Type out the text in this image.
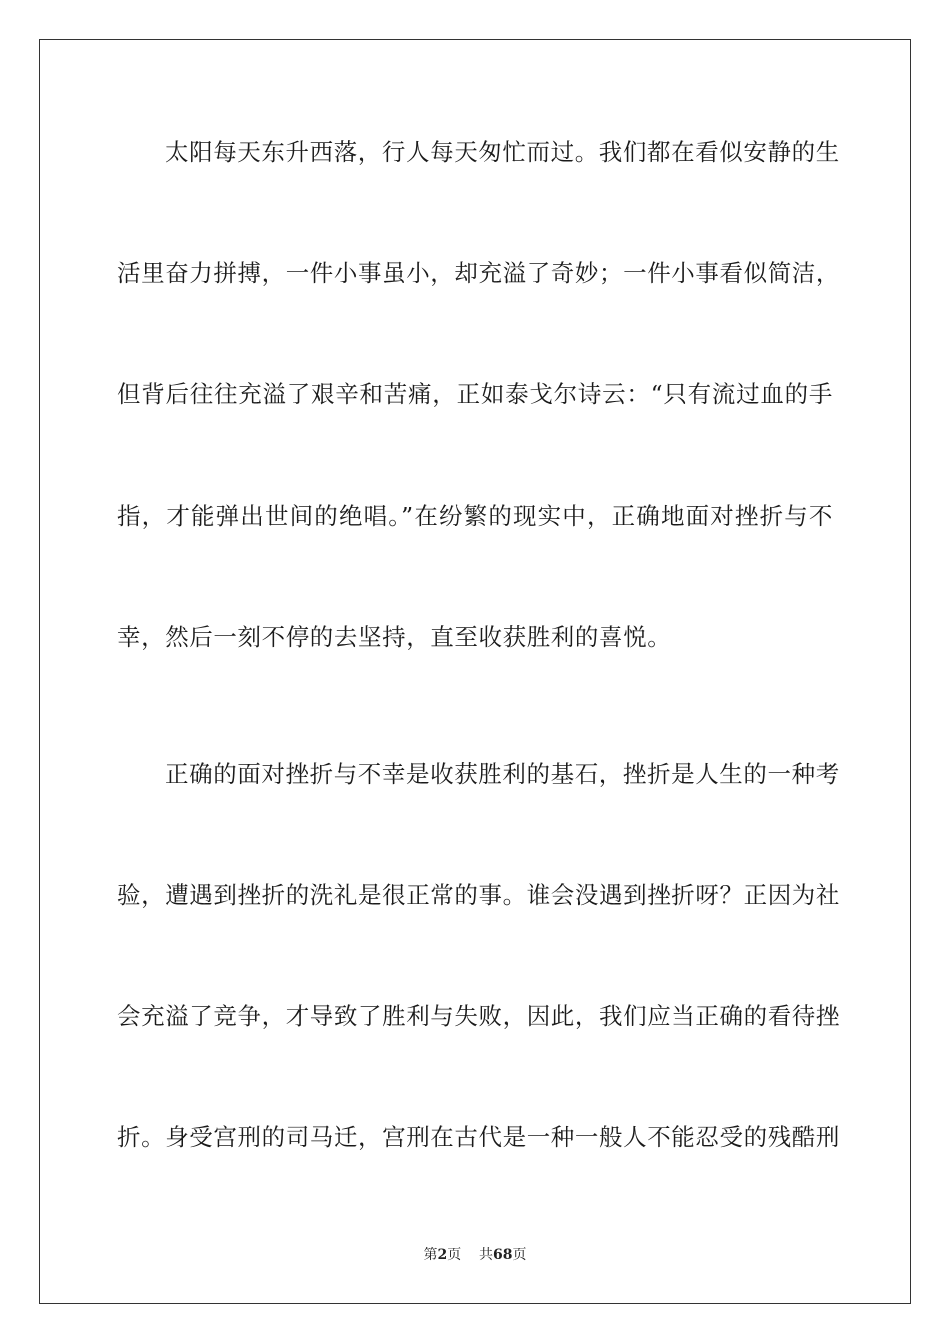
太阳每天东升西落，行人每天匆忙而过。我们都在看似安静的生
活里奋力拼搏，一件小事虽小，却充溢了奇妙；一件小事看似简洁，
但背后往往充溢了艰辛和苦痛，正如泰戈尔诗云：“只有流过血的手
指，才能弹出世间的绝唱。”在纷繁的现实中，正确地面对挫折与不
幸，然后一刻不停的去坚持，直至收获胜利的喜悦。
正确的面对挫折与不幸是收获胜利的基石，挫折是人生的一种考
验，遭遇到挫折的洗礼是很正常的事。谁会没遇到挫折呀？正因为社
会充溢了竞争，才导致了胜利与失败，因此，我们应当正确的看待挫
折。身受宫刑的司马迁，宫刑在古代是一种一般人不能忍受的残酷刑
第2页 共68页
